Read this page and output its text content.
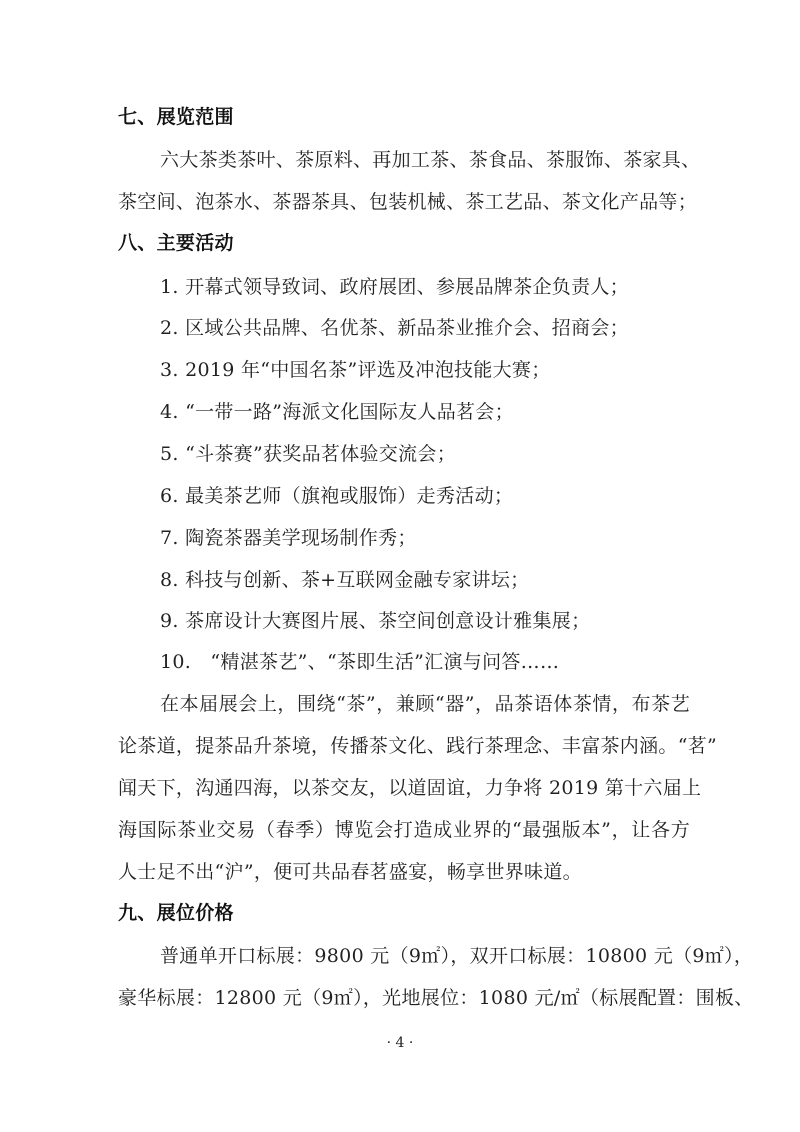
七、展览范围
六大茶类茶叶、茶原料、再加工茶、茶食品、茶服饰、茶家具、
茶空间、泡茶水、茶器茶具、包装机械、茶工艺品、茶文化产品等；
八、主要活动
1. 开幕式领导致词、政府展团、参展品牌茶企负责人；
2. 区域公共品牌、名优茶、新品茶业推介会、招商会；
3. 2019 年“中国名茶”评选及冲泡技能大赛；
4. “一带一路”海派文化国际友人品茗会；
5. “斗茶赛”获奖品茗体验交流会；
6. 最美茶艺师（旗袍或服饰）走秀活动；
7. 陶瓷茶器美学现场制作秀；
8. 科技与创新、茶+互联网金融专家讲坛；
9. 茶席设计大赛图片展、茶空间创意设计雅集展；
10.　“精湛茶艺”、“茶即生活”汇演与问答……
在本届展会上，围绕“茶”，兼顾“器”，品茶语体茶情，布茶艺
论茶道，提茶品升茶境，传播茶文化、践行茶理念、丰富茶内涵。“茗”
闻天下，沟通四海，以茶交友，以道固谊，力争将 2019 第十六届上
海国际茶业交易（春季）博览会打造成业界的“最强版本”，让各方
人士足不出“沪”，便可共品春茗盛宴，畅享世界味道。
九、展位价格
普通单开口标展：9800 元（9㎡），双开口标展：10800 元（9㎡），
豪华标展：12800 元（9㎡），光地展位：1080 元/㎡（标展配置：围板、
· 4 ·
